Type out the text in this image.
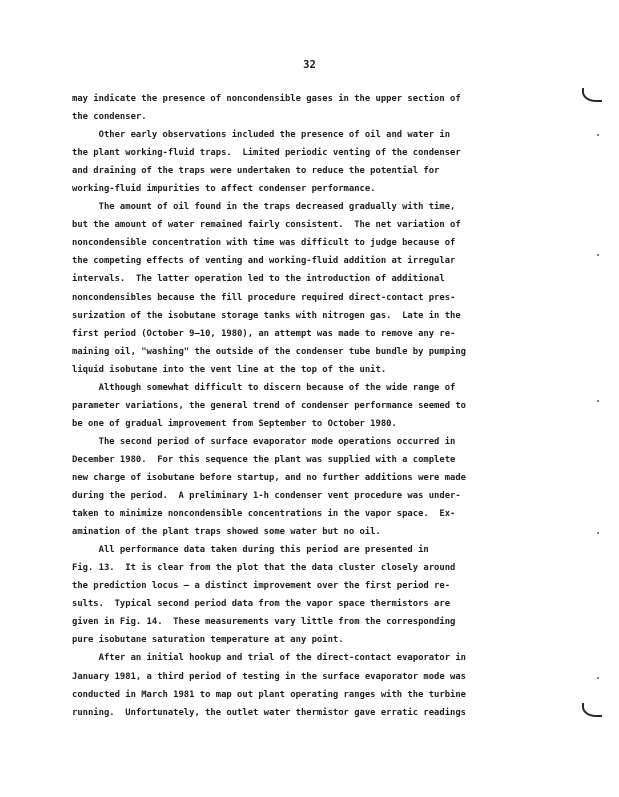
32
may indicate the presence of noncondensible gases in the upper section of
the condenser.
Other early observations included the presence of oil and water in
the plant working-fluid traps.  Limited periodic venting of the condenser
and draining of the traps were undertaken to reduce the potential for
working-fluid impurities to affect condenser performance.
The amount of oil found in the traps decreased gradually with time,
but the amount of water remained fairly consistent.  The net variation of
noncondensible concentration with time was difficult to judge because of
the competing effects of venting and working-fluid addition at irregular
intervals.  The latter operation led to the introduction of additional
noncondensibles because the fill procedure required direct-contact pres-
surization of the isobutane storage tanks with nitrogen gas.  Late in the
first period (October 9–10, 1980), an attempt was made to remove any re-
maining oil, "washing" the outside of the condenser tube bundle by pumping
liquid isobutane into the vent line at the top of the unit.
Although somewhat difficult to discern because of the wide range of
parameter variations, the general trend of condenser performance seemed to
be one of gradual improvement from September to October 1980.
The second period of surface evaporator mode operations occurred in
December 1980.  For this sequence the plant was supplied with a complete
new charge of isobutane before startup, and no further additions were made
during the period.  A preliminary 1-h condenser vent procedure was under-
taken to minimize noncondensible concentrations in the vapor space.  Ex-
amination of the plant traps showed some water but no oil.
All performance data taken during this period are presented in
Fig. 13.  It is clear from the plot that the data cluster closely around
the prediction locus — a distinct improvement over the first period re-
sults.  Typical second period data from the vapor space thermistors are
given in Fig. 14.  These measurements vary little from the corresponding
pure isobutane saturation temperature at any point.
After an initial hookup and trial of the direct-contact evaporator in
January 1981, a third period of testing in the surface evaporator mode was
conducted in March 1981 to map out plant operating ranges with the turbine
running.  Unfortunately, the outlet water thermistor gave erratic readings
